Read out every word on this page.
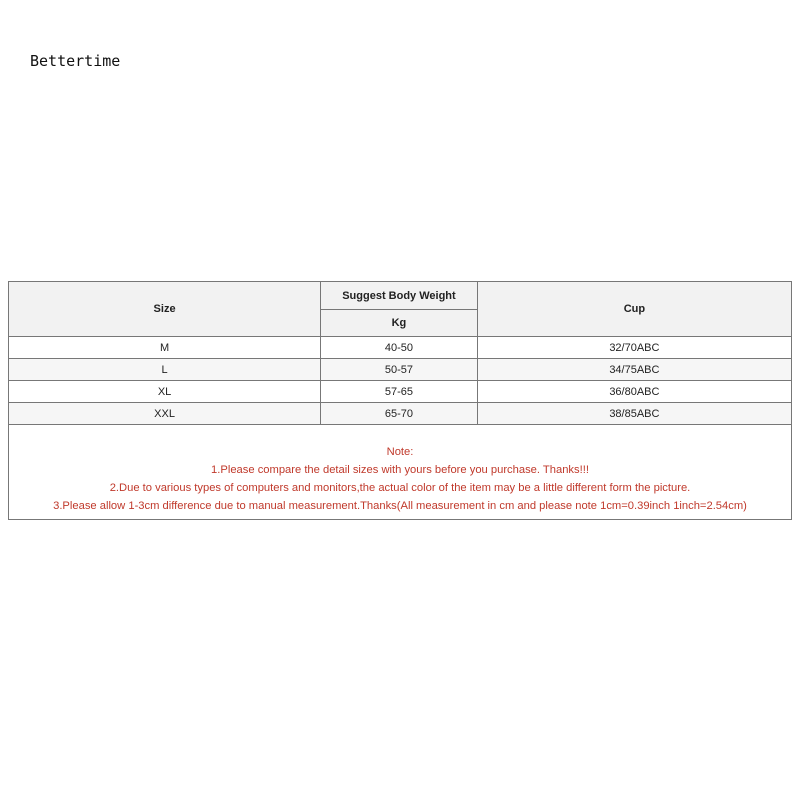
Bettertime
Size	Suggest Body Weight	Cup
	Kg	
M	40-50	32/70ABC
L	50-57	34/75ABC
XL	57-65	36/80ABC
XXL	65-70	38/85ABC

Note:
1.Please compare the detail sizes with yours before you purchase. Thanks!!!
2.Due to various types of computers and monitors,the actual color of the item may be a little different form the picture.
3.Please allow 1-3cm difference due to manual measurement.Thanks(All measurement in cm and please note 1cm=0.39inch 1inch=2.54cm)		
